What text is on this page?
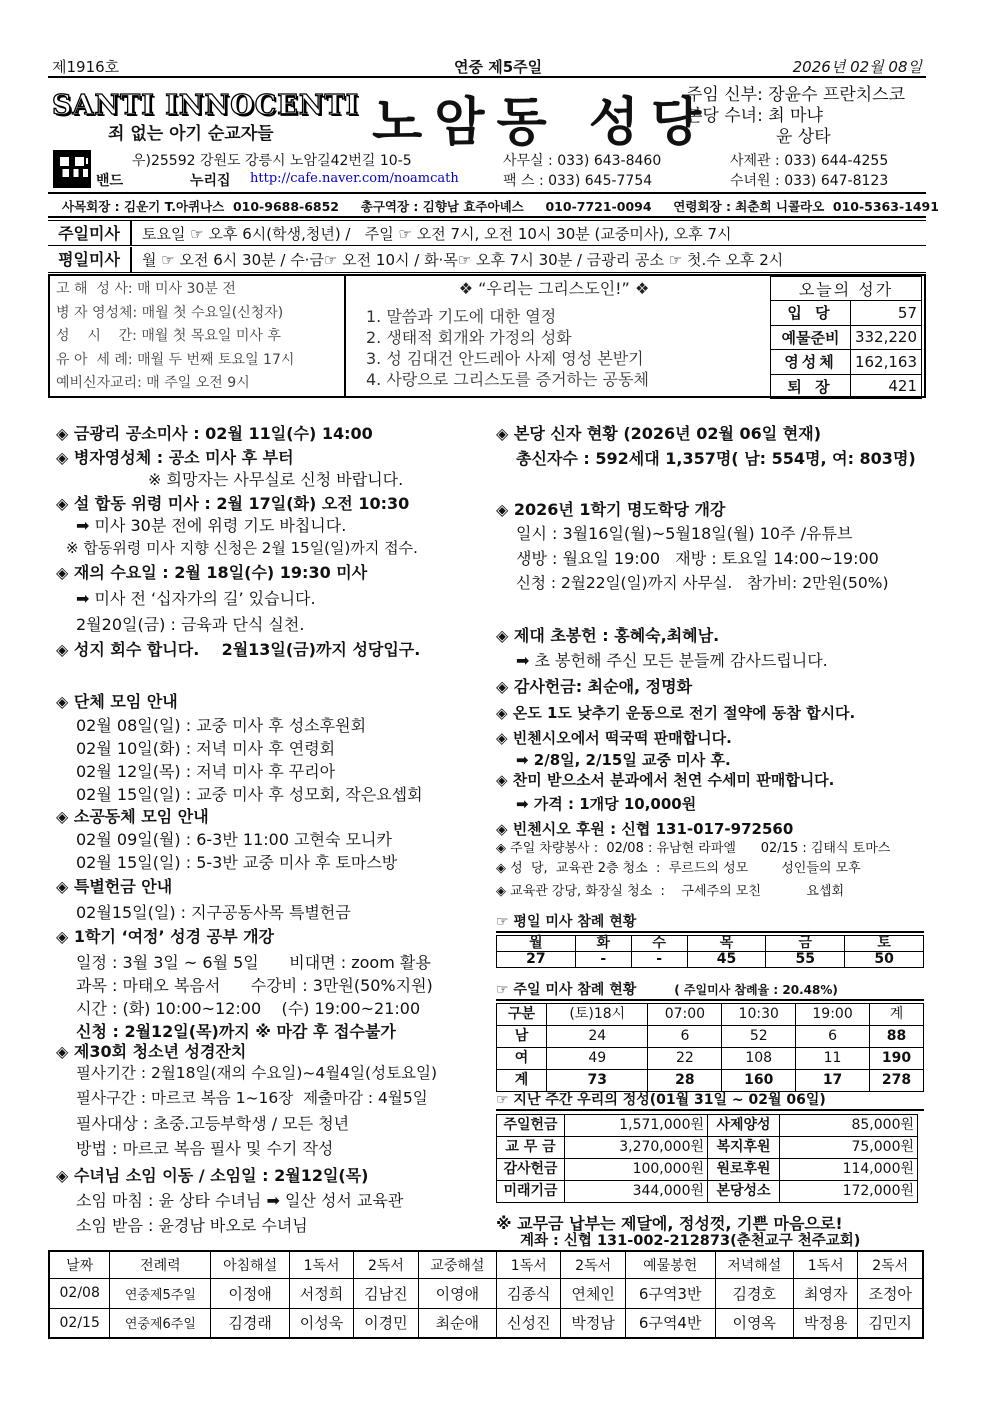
제1916호	연중 제5주일	2026년 02월 08일
SANTI INNOCENTI
죄 없는 아기 순교자들 노암동 성당
주임 신부: 장윤수 프란치스코
본당 수녀: 최 마냐
윤 상타
밴드
우)25592 강원도 강릉시 노암길42번길 10-5	사무실 : 033) 643-8460	사제관 : 033) 644-4255
누리집 http://cafe.naver.com/noamcath	팩 스 : 033) 645-7754	수녀원 : 033) 647-8123
사목회장 : 김운기 T.아퀴나스  010-9688-6852     총구역장 : 김향남 효주아녜스     010-7721-0094     연령회장 : 최춘희 니콜라오  010-5363-1491
주일미사	토요일 ☞ 오후 6시(학생,청년) /   주일 ☞ 오전 7시, 오전 10시 30분 (교중미사), 오후 7시
평일미사	월 ☞ 오전 6시 30분 / 수·금☞ 오전 10시 / 화·목☞ 오후 7시 30분 / 금광리 공소 ☞ 첫.수 오후 2시
고 해  성 사: 매 미사 30분 전
병 자 영성체: 매월 첫 수요일(신청자)
성    시    간: 매월 첫 목요일 미사 후
유 아  세 례: 매월 두 번째 토요일 17시
예비신자교리: 매 주일 오전 9시
❖ “우리는 그리스도인!” ❖
1. 말씀과 기도에 대한 열정
2. 생태적 회개와 가정의 성화
3. 성 김대건 안드레아 사제 영성 본받기
4. 사랑으로 그리스도를 증거하는 공동체
오늘의 성가	
입 당	57
예물준비	332,220
영성체	162,163
퇴 장	421
◈ 금광리 공소미사 : 02월 11일(수) 14:00
◈ 병자영성체 : 공소 미사 후 부터
※ 희망자는 사무실로 신청 바랍니다.
◈ 설 합동 위령 미사 : 2월 17일(화) 오전 10:30
➡ 미사 30분 전에 위령 기도 바칩니다.
※ 합동위령 미사 지향 신청은 2월 15일(일)까지 접수.
◈ 재의 수요일 : 2월 18일(수) 19:30 미사
➡ 미사 전 ‘십자가의 길’ 있습니다.
2월20일(금) : 금육과 단식 실천.
◈ 성지 회수 합니다.    2월13일(금)까지 성당입구.
◈ 단체 모임 안내
02월 08일(일) : 교중 미사 후 성소후원회
02월 10일(화) : 저녁 미사 후 연령회
02월 12일(목) : 저녁 미사 후 꾸리아
02월 15일(일) : 교중 미사 후 성모회, 작은요셉회
◈ 소공동체 모임 안내
02월 09일(월) : 6-3반 11:00 고현숙 모니카
02월 15일(일) : 5-3반 교중 미사 후 토마스방
◈ 특별헌금 안내
02월15일(일) : 지구공동사목 특별헌금
◈ 1학기 ‘여정’ 성경 공부 개강
일정 : 3월 3일 ~ 6월 5일      비대면 : zoom 활용
과목 : 마태오 복음서      수강비 : 3만원(50%지원)
시간 : (화) 10:00~12:00    (수) 19:00~21:00
신청 : 2월12일(목)까지 ※ 마감 후 접수불가
◈ 제30회 청소년 성경잔치
필사기간 : 2월18일(재의 수요일)~4월4일(성토요일)
필사구간 : 마르코 복음 1~16장  제출마감 : 4월5일
필사대상 : 초중.고등부학생 / 모든 청년
방법 : 마르코 복음 필사 및 수기 작성
◈ 수녀님 소임 이동 / 소임일 : 2월12일(목)
소임 마침 : 윤 상타 수녀님 ➡ 일산 성서 교육관
소임 받음 : 윤경남 바오로 수녀님
◈ 본당 신자 현황 (2026년 02월 06일 현재)
총신자수 : 592세대 1,357명( 남: 554명, 여: 803명)
◈ 2026년 1학기 명도학당 개강
일시 : 3월16일(월)~5월18일(월) 10주 /유튜브
생방 : 월요일 19:00   재방 : 토요일 14:00~19:00
신청 : 2월22일(일)까지 사무실.   참가비: 2만원(50%)
◈ 제대 초봉헌 : 홍혜숙,최혜남.
➡ 초 봉헌해 주신 모든 분들께 감사드립니다.
◈ 감사헌금: 최순애, 정명화
◈ 온도 1도 낮추기 운동으로 전기 절약에 동참 합시다.
◈ 빈첸시오에서 떡국떡 판매합니다.
➡ 2/8일, 2/15일 교중 미사 후.
◈ 찬미 받으소서 분과에서 천연 수세미 판매합니다.
➡ 가격 : 1개당 10,000원
◈ 빈첸시오 후원 : 신협 131-017-972560
◈ 주일 차량봉사 :  02/08 : 유남현 라파엘      02/15 : 김태식 토마스
◈ 성  당,  교육관 2층 청소  :  루르드의 성모        성인들의 모후
◈ 교육관 강당, 화장실 청소  :    구세주의 모친           요셉회
☞ 평일 미사 참례 현황
월	화	수	목	금	토
27	-	-	45	55	50
☞ 주일 미사 참례 현황	( 주일미사 참례율 : 20.48%)
구분	(토)18시	07:00	10:30	19:00	계
남	24	6	52	6	88
여	49	22	108	11	190
계	73	28	160	17	278
☞ 지난 주간 우리의 정성(01월 31일 ~ 02월 06일)
주일헌금	1,571,000원	사제양성	85,000원
교 무 금	3,270,000원	복지후원	75,000원
감사헌금	100,000원	원로후원	114,000원
미래기금	344,000원	본당성소	172,000원
※ 교무금 납부는 제달에, 정성껏, 기쁜 마음으로!
계좌 : 신협 131-002-212873(춘천교구 천주교회)
날짜	전례력	아침해설	1독서	2독서	교중해설	1독서	2독서	예물봉헌	저녁해설	1독서	2독서
02/08	연중제5주일	이정애	서정희	김남진	이영애	김종식	연체인	6구역3반	김경호	최영자	조정아
02/15	연중제6주일	김경래	이성욱	이경민	최순애	신성진	박정남	6구역4반	이영옥	박정용	김민지
